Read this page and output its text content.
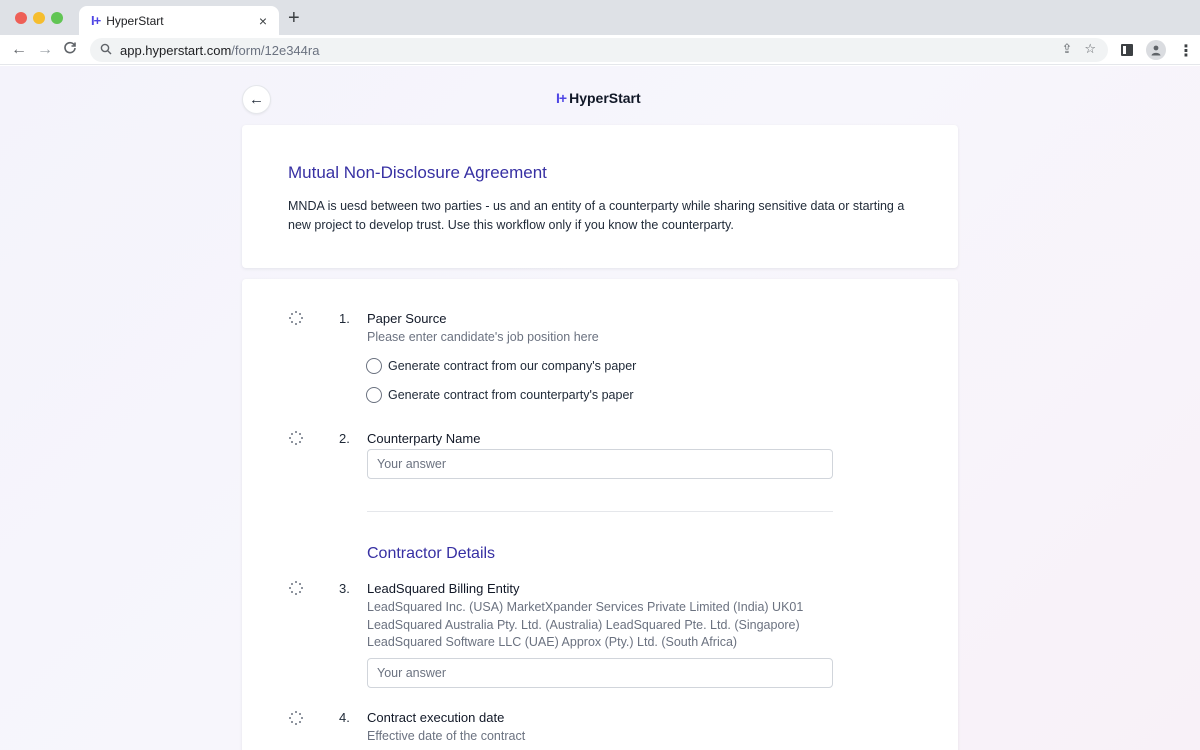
I+ HyperStart	× +
← →	app.hyperstart.com /form/12e344ra	⇪ ☆	⋮
←	I+ HyperStart
Mutual Non-Disclosure Agreement

MNDA is uesd between two parties - us and an entity of a counterparty while sharing sensitive data or starting a new project to develop trust. Use this workflow only if you know the counterparty.

1. Paper Source
Please enter candidate's job position here
Generate contract from our company's paper
Generate contract from counterparty's paper
2. Counterparty Name
Your answer
Contractor Details
3. LeadSquared Billing Entity
LeadSquared Inc. (USA) MarketXpander Services Private Limited (India) UK01
LeadSquared Australia Pty. Ltd. (Australia) LeadSquared Pte. Ltd. (Singapore)
LeadSquared Software LLC (UAE) Approx (Pty.) Ltd. (South Africa)
Your answer
4. Contract execution date
Effective date of the contract
